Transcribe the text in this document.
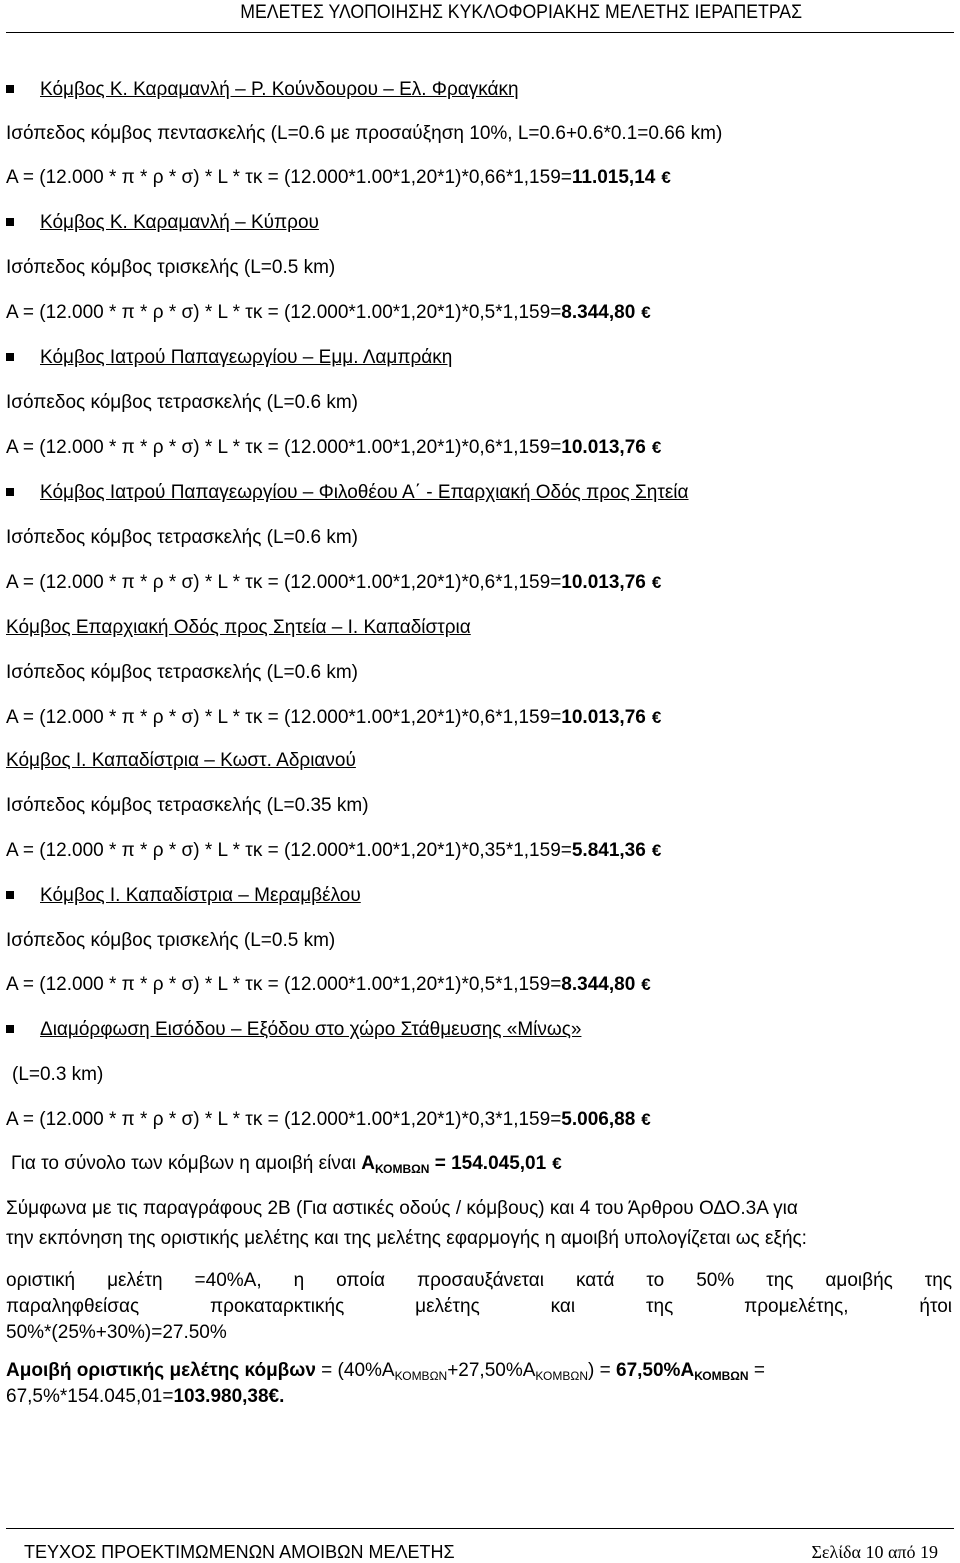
ΜΕΛΕΤΕΣ ΥΛΟΠΟΙΗΣΗΣ ΚΥΚΛΟΦΟΡΙΑΚΗΣ ΜΕΛΕΤΗΣ ΙΕΡΑΠΕΤΡΑΣ
Κόμβος Κ. Καραμανλή – Ρ. Κούνδουρου – Ελ. Φραγκάκη
Ισόπεδος κόμβος πεντασκελής (L=0.6 με προσαύξηση 10%, L=0.6+0.6*0.1=0.66 km)
A = (12.000 * π * ρ * σ) * L * τκ = (12.000*1.00*1,20*1)*0,66*1,159=11.015,14 €
Κόμβος Κ. Καραμανλή – Κύπρου
Ισόπεδος κόμβος τρισκελής (L=0.5 km)
A = (12.000 * π * ρ * σ) * L * τκ = (12.000*1.00*1,20*1)*0,5*1,159=8.344,80 €
Κόμβος Ιατρού Παπαγεωργίου – Εμμ. Λαμπράκη
Ισόπεδος κόμβος τετρασκελής (L=0.6 km)
A = (12.000 * π * ρ * σ) * L * τκ = (12.000*1.00*1,20*1)*0,6*1,159=10.013,76 €
Κόμβος Ιατρού Παπαγεωργίου – Φιλοθέου Α΄ - Επαρχιακή Οδός προς Σητεία
Ισόπεδος κόμβος τετρασκελής (L=0.6 km)
A = (12.000 * π * ρ * σ) * L * τκ = (12.000*1.00*1,20*1)*0,6*1,159=10.013,76 €
Κόμβος Επαρχιακή Οδός προς Σητεία – Ι. Καπαδίστρια
Ισόπεδος κόμβος τετρασκελής (L=0.6 km)
A = (12.000 * π * ρ * σ) * L * τκ = (12.000*1.00*1,20*1)*0,6*1,159=10.013,76 €
Κόμβος Ι. Καπαδίστρια – Κωστ. Αδριανού
Ισόπεδος κόμβος τετρασκελής (L=0.35 km)
A = (12.000 * π * ρ * σ) * L * τκ = (12.000*1.00*1,20*1)*0,35*1,159=5.841,36 €
Κόμβος Ι. Καπαδίστρια – Μεραμβέλου
Ισόπεδος κόμβος τρισκελής (L=0.5 km)
A = (12.000 * π * ρ * σ) * L * τκ = (12.000*1.00*1,20*1)*0,5*1,159=8.344,80 €
Διαμόρφωση Εισόδου – Εξόδου στο χώρο Στάθμευσης «Μίνως»
(L=0.3 km)
A = (12.000 * π * ρ * σ) * L * τκ = (12.000*1.00*1,20*1)*0,3*1,159=5.006,88 €
Για το σύνολο των κόμβων η αμοιβή είναι $A_{KOMB\Omega N} = 154.045,01$ €
Σύμφωνα με τις παραγράφους 2Β (Για αστικές οδούς / κόμβους) και 4 του Άρθρου ΟΔΟ.3Α για
την εκπόνηση της οριστικής μελέτης και της μελέτης εφαρμογής η αμοιβή υπολογίζεται ως εξής:
οριστική μελέτη =40%Α, η οποία προσαυξάνεται κατά το 50% της αμοιβής της
παραληφθείσας προκαταρκτικής μελέτης και της προμελέτης, ήτοι
50%*(25%+30%)=27.50%
Αμοιβή οριστικής μελέτης $\kappa ό\mu\beta\omega\nu = (40\%A_{KOMB\Omega N}+27,50\%A_{KOMB\Omega N}) = 67,50\%A_{KOMB\Omega N}$ =
67,5%*154.045,01=103.980,38€.
ΤΕΥΧΟΣ ΠΡΟΕΚΤΙΜΩΜΕΝΩΝ ΑΜΟΙΒΩΝ ΜΕΛΕΤΗΣ	Σελίδα 10 από 19
